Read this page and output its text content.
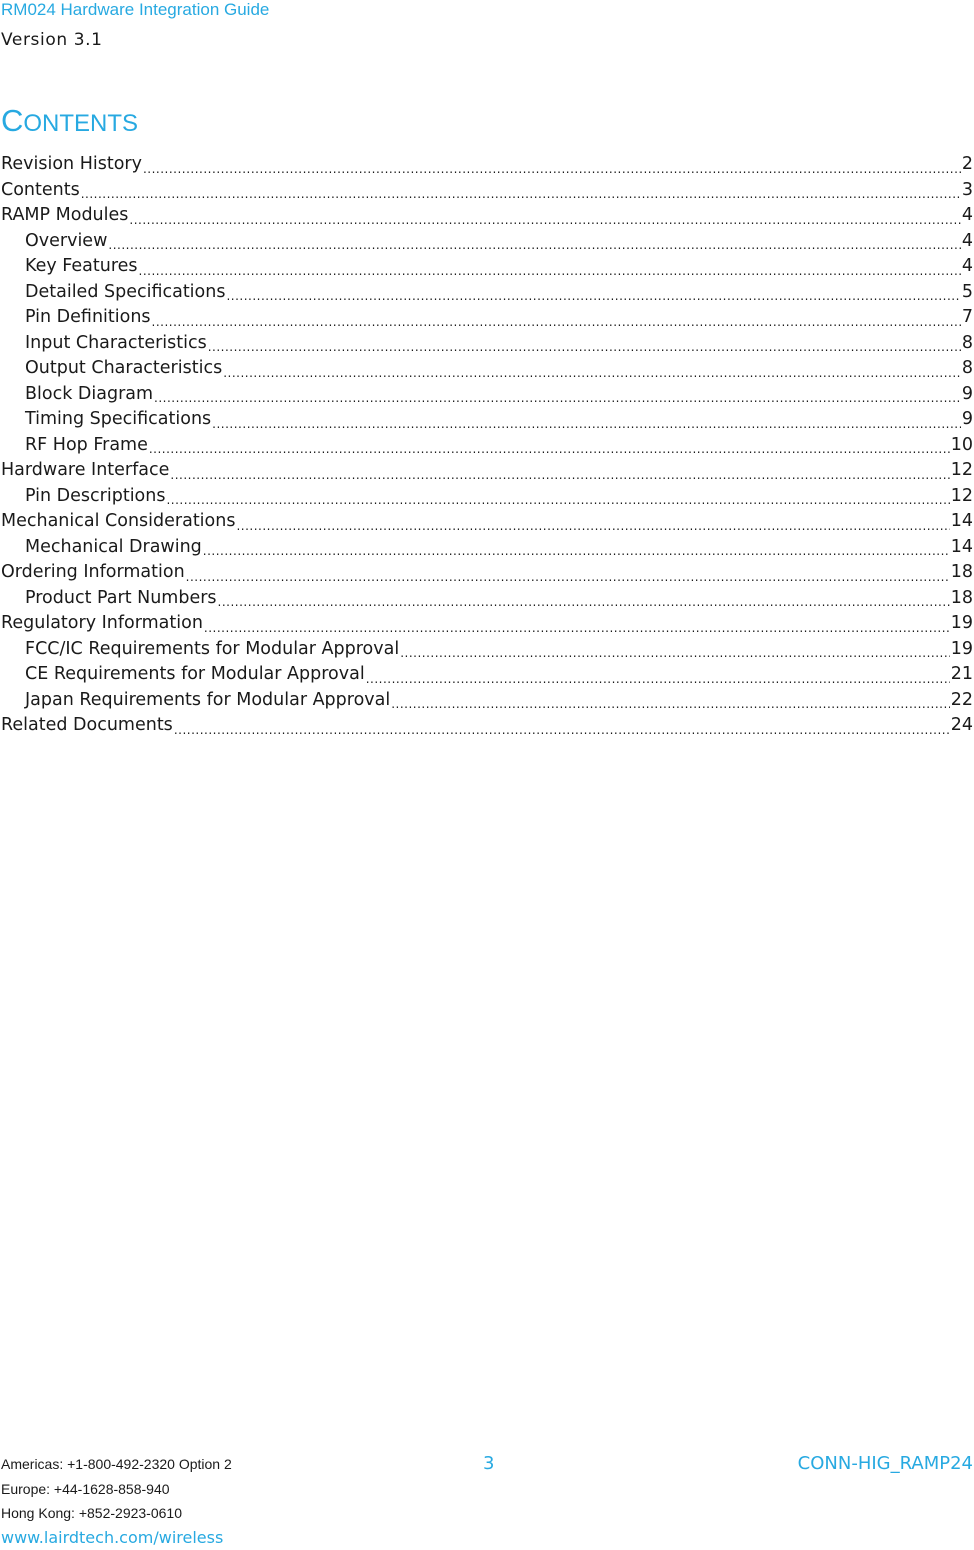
RM024 Hardware Integration Guide
Version 3.1
CONTENTS
Revision History .....	2
Contents .....	3
RAMP Modules .....	4
Overview .....	4
Key Features .....	4
Detailed Specifications .....	5
Pin Definitions .....	7
Input Characteristics .....	8
Output Characteristics .....	8
Block Diagram .....	9
Timing Specifications .....	9
RF Hop Frame .....	10
Hardware Interface .....	12
Pin Descriptions .....	12
Mechanical Considerations .....	14
Mechanical Drawing .....	14
Ordering Information .....	18
Product Part Numbers .....	18
Regulatory Information .....	19
FCC/IC Requirements for Modular Approval .....	19
CE Requirements for Modular Approval .....	21
Japan Requirements for Modular Approval .....	22
Related Documents .....	24
Americas: +1-800-492-2320 Option 2
Europe: +44-1628-858-940
Hong Kong: +852-2923-0610
www.lairdtech.com/wireless
3	CONN-HIG_RAMP24
